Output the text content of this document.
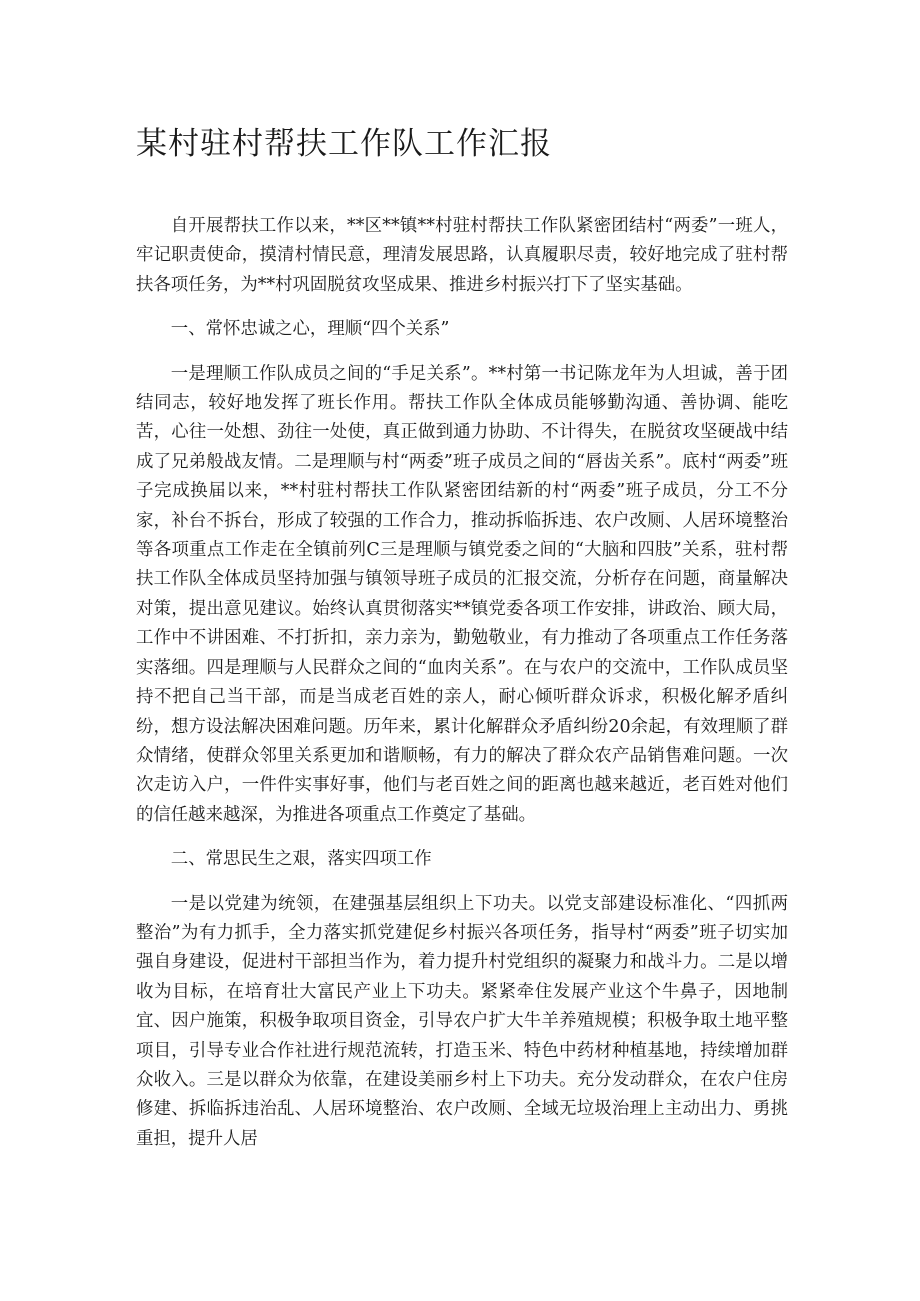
某村驻村帮扶工作队工作汇报

自开展帮扶工作以来，**区**镇**村驻村帮扶工作队紧密团结村“两委”一班人，牢记职责使命，摸清村情民意，理清发展思路，认真履职尽责，较好地完成了驻村帮扶各项任务，为**村巩固脱贫攻坚成果、推进乡村振兴打下了坚实基础。

一、常怀忠诚之心，理顺“四个关系”

一是理顺工作队成员之间的“手足关系”。**村第一书记陈龙年为人坦诚，善于团结同志，较好地发挥了班长作用。帮扶工作队全体成员能够勤沟通、善协调、能吃苦，心往一处想、劲往一处使，真正做到通力协助、不计得失，在脱贫攻坚硬战中结成了兄弟般战友情。二是理顺与村“两委”班子成员之间的“唇齿关系”。底村“两委”班子完成换届以来，**村驻村帮扶工作队紧密团结新的村“两委”班子成员，分工不分家，补台不拆台，形成了较强的工作合力，推动拆临拆违、农户改厕、人居环境整治等各项重点工作走在全镇前列C三是理顺与镇党委之间的“大脑和四肢”关系，驻村帮扶工作队全体成员坚持加强与镇领导班子成员的汇报交流，分析存在问题，商量解决对策，提出意见建议。始终认真贯彻落实**镇党委各项工作安排，讲政治、顾大局，工作中不讲困难、不打折扣，亲力亲为，勤勉敬业，有力推动了各项重点工作任务落实落细。四是理顺与人民群众之间的“血肉关系”。在与农户的交流中，工作队成员坚持不把自己当干部，而是当成老百姓的亲人，耐心倾听群众诉求，积极化解矛盾纠纷，想方设法解决困难问题。历年来，累计化解群众矛盾纠纷20余起，有效理顺了群众情绪，使群众邻里关系更加和谐顺畅，有力的解决了群众农产品销售难问题。一次次走访入户，一件件实事好事，他们与老百姓之间的距离也越来越近，老百姓对他们的信任越来越深，为推进各项重点工作奠定了基础。

二、常思民生之艰，落实四项工作

一是以党建为统领，在建强基层组织上下功夫。以党支部建设标准化、“四抓两整治”为有力抓手，全力落实抓党建促乡村振兴各项任务，指导村“两委”班子切实加强自身建设，促进村干部担当作为，着力提升村党组织的凝聚力和战斗力。二是以增收为目标，在培育壮大富民产业上下功夫。紧紧牵住发展产业这个牛鼻子，因地制宜、因户施策，积极争取项目资金，引导农户扩大牛羊养殖规模；积极争取土地平整项目，引导专业合作社进行规范流转，打造玉米、特色中药材种植基地，持续增加群众收入。三是以群众为依靠，在建设美丽乡村上下功夫。充分发动群众，在农户住房修建、拆临拆违治乱、人居环境整治、农户改厕、全域无垃圾治理上主动出力、勇挑重担，提升人居
